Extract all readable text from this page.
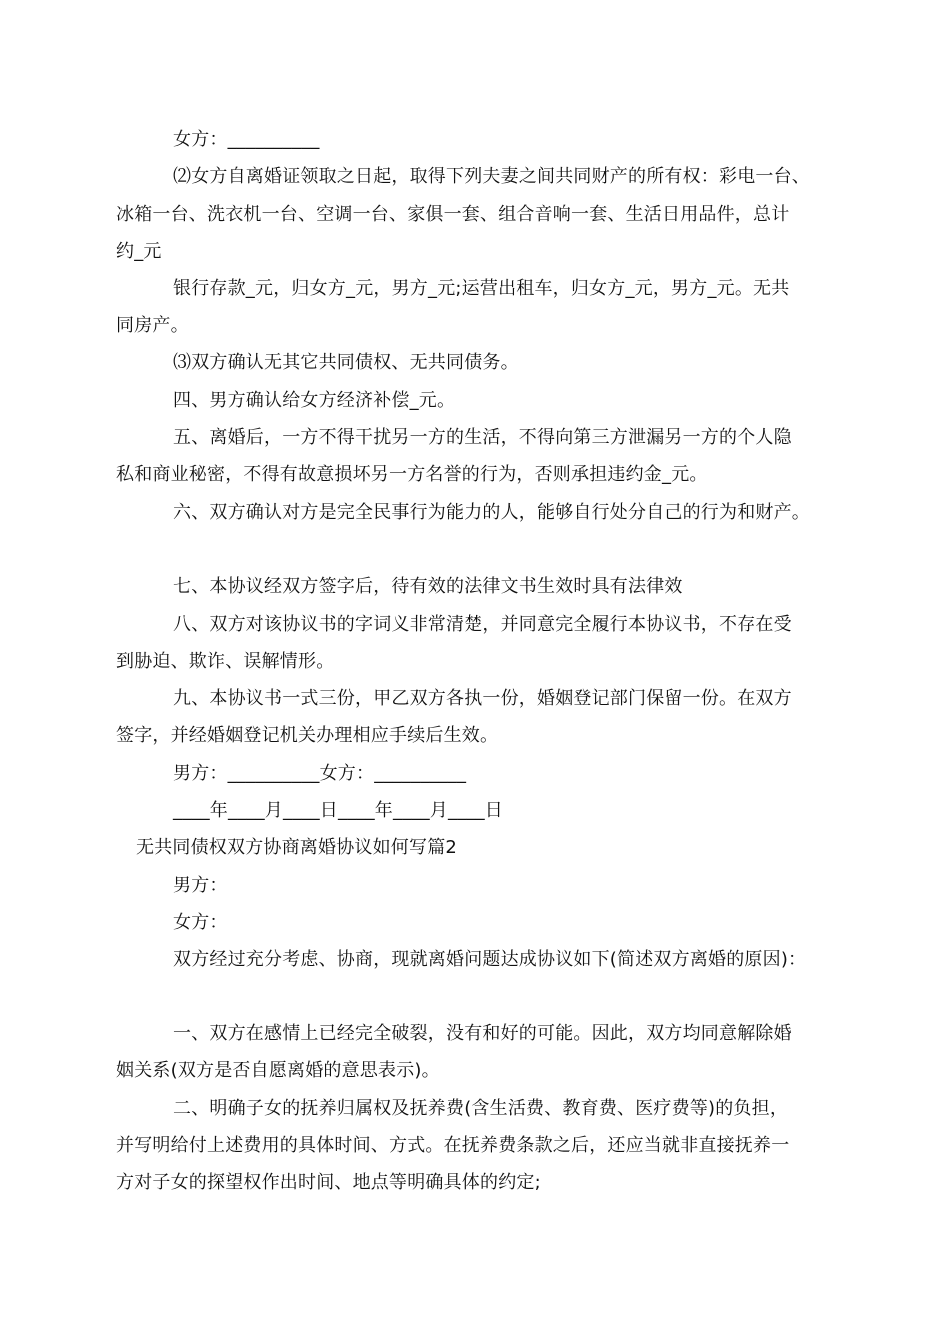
女方：__________
⑵女方自离婚证领取之日起，取得下列夫妻之间共同财产的所有权：彩电一台、
冰箱一台、洗衣机一台、空调一台、家俱一套、组合音响一套、生活日用品件，总计
约_元
银行存款_元，归女方_元，男方_元;运营出租车，归女方_元，男方_元。无共
同房产。
⑶双方确认无其它共同债权、无共同债务。
四、男方确认给女方经济补偿_元。
五、离婚后，一方不得干扰另一方的生活，不得向第三方泄漏另一方的个人隐
私和商业秘密，不得有故意损坏另一方名誉的行为，否则承担违约金_元。
六、双方确认对方是完全民事行为能力的人，能够自行处分自己的行为和财产。
七、本协议经双方签字后，待有效的法律文书生效时具有法律效
八、双方对该协议书的字词义非常清楚，并同意完全履行本协议书，不存在受
到胁迫、欺诈、误解情形。
九、本协议书一式三份，甲乙双方各执一份，婚姻登记部门保留一份。在双方
签字，并经婚姻登记机关办理相应手续后生效。
男方：__________女方：__________
____年____月____日____年____月____日
无共同债权双方协商离婚协议如何写篇2
男方：
女方：
双方经过充分考虑、协商，现就离婚问题达成协议如下(简述双方离婚的原因)：
一、双方在感情上已经完全破裂，没有和好的可能。因此，双方均同意解除婚
姻关系(双方是否自愿离婚的意思表示)。
二、明确子女的抚养归属权及抚养费(含生活费、教育费、医疗费等)的负担，
并写明给付上述费用的具体时间、方式。在抚养费条款之后，还应当就非直接抚养一
方对子女的探望权作出时间、地点等明确具体的约定;
